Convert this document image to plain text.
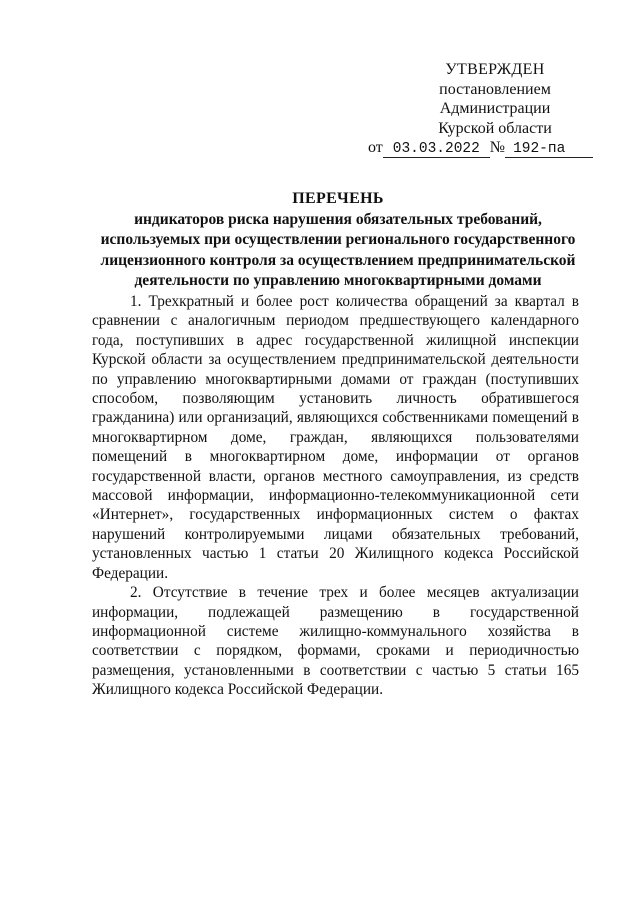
УТВЕРЖДЕН
постановлением Администрации
Курской области
от 03.03.2022 № 192-па
ПЕРЕЧЕНЬ
индикаторов риска нарушения обязательных требований,
используемых при осуществлении регионального государственного
лицензионного контроля за осуществлением предпринимательской
деятельности по управлению многоквартирными домами

1. Трехкратный и более рост количества обращений за квартал в сравнении с аналогичным периодом предшествующего календарного года, поступивших в адрес государственной жилищной инспекции Курской области за осуществлением предпринимательской деятельности по управлению многоквартирными домами от граждан (поступивших способом, позволяющим установить личность обратившегося гражданина) или организаций, являющихся собственниками помещений в многоквартирном доме, граждан, являющихся пользователями помещений в многоквартирном доме, информации от органов государственной власти, органов местного самоуправления, из средств массовой информации, информационно-телекоммуникационной сети «Интернет», государственных информационных систем о фактах нарушений контролируемыми лицами обязательных требований, установленных частью 1 статьи 20 Жилищного кодекса Российской Федерации.

2. Отсутствие в течение трех и более месяцев актуализации информации, подлежащей размещению в государственной информационной системе жилищно-коммунального хозяйства в соответствии с порядком, формами, сроками и периодичностью размещения, установленными в соответствии с частью 5 статьи 165 Жилищного кодекса Российской Федерации.
